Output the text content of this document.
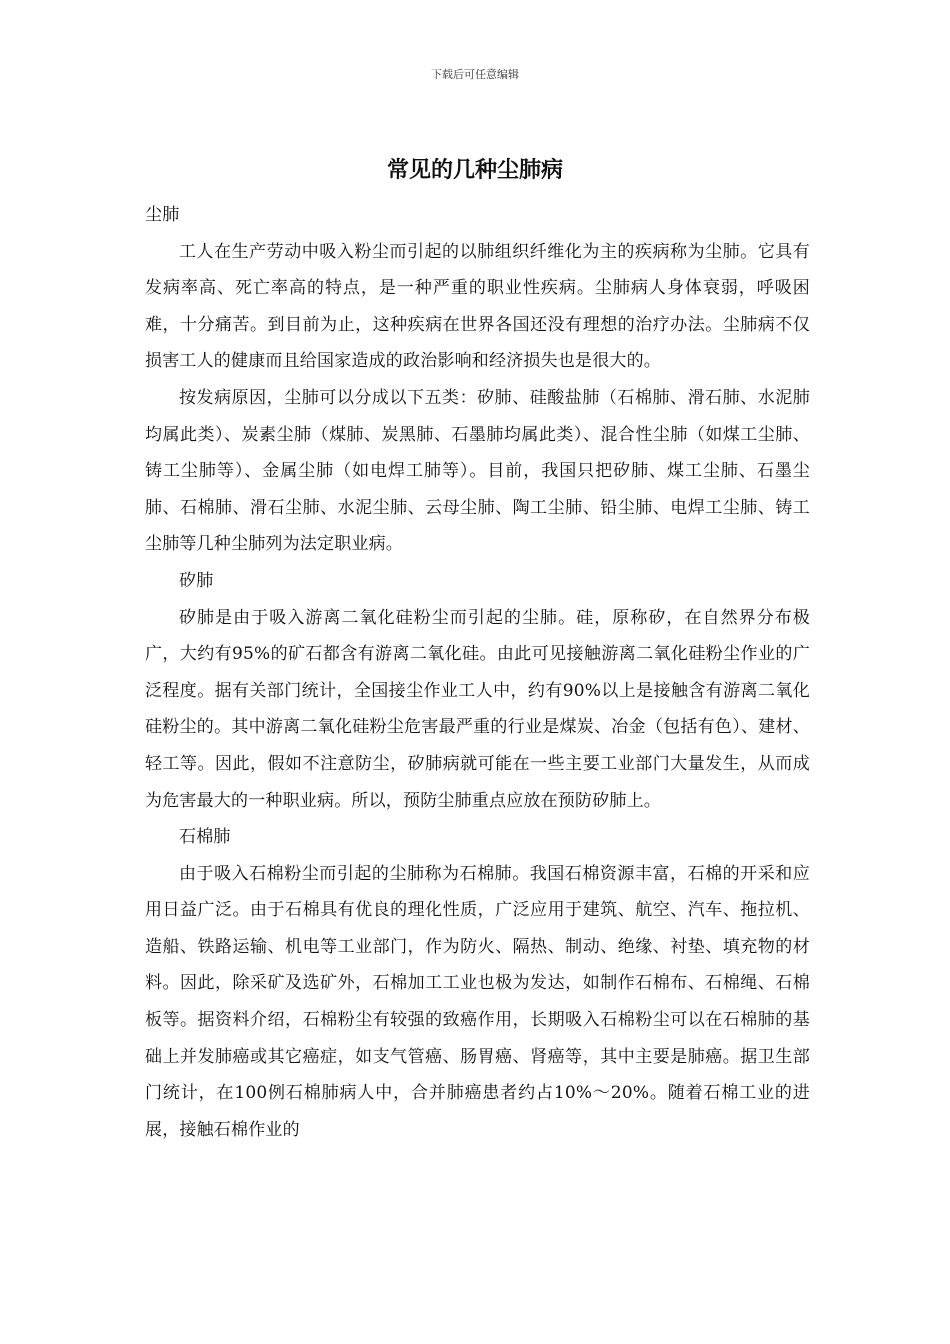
下载后可任意编辑
常见的几种尘肺病

尘肺

工人在生产劳动中吸入粉尘而引起的以肺组织纤维化为主的疾病称为尘肺。它具有发病率高、死亡率高的特点，是一种严重的职业性疾病。尘肺病人身体衰弱，呼吸困难，十分痛苦。到目前为止，这种疾病在世界各国还没有理想的治疗办法。尘肺病不仅损害工人的健康而且给国家造成的政治影响和经济损失也是很大的。

按发病原因，尘肺可以分成以下五类：矽肺、硅酸盐肺（石棉肺、滑石肺、水泥肺均属此类）、炭素尘肺（煤肺、炭黑肺、石墨肺均属此类）、混合性尘肺（如煤工尘肺、铸工尘肺等）、金属尘肺（如电焊工肺等）。目前，我国只把矽肺、煤工尘肺、石墨尘肺、石棉肺、滑石尘肺、水泥尘肺、云母尘肺、陶工尘肺、铅尘肺、电焊工尘肺、铸工尘肺等几种尘肺列为法定职业病。

矽肺

矽肺是由于吸入游离二氧化硅粉尘而引起的尘肺。硅，原称矽，在自然界分布极广，大约有95%的矿石都含有游离二氧化硅。由此可见接触游离二氧化硅粉尘作业的广泛程度。据有关部门统计，全国接尘作业工人中，约有90%以上是接触含有游离二氧化硅粉尘的。其中游离二氧化硅粉尘危害最严重的行业是煤炭、冶金（包括有色）、建材、轻工等。因此，假如不注意防尘，矽肺病就可能在一些主要工业部门大量发生，从而成为危害最大的一种职业病。所以，预防尘肺重点应放在预防矽肺上。

石棉肺

由于吸入石棉粉尘而引起的尘肺称为石棉肺。我国石棉资源丰富，石棉的开采和应用日益广泛。由于石棉具有优良的理化性质，广泛应用于建筑、航空、汽车、拖拉机、造船、铁路运输、机电等工业部门，作为防火、隔热、制动、绝缘、衬垫、填充物的材料。因此，除采矿及选矿外，石棉加工工业也极为发达，如制作石棉布、石棉绳、石棉板等。据资料介绍，石棉粉尘有较强的致癌作用，长期吸入石棉粉尘可以在石棉肺的基础上并发肺癌或其它癌症，如支气管癌、肠胃癌、肾癌等，其中主要是肺癌。据卫生部门统计，在100例石棉肺病人中，合并肺癌患者约占10%～20%。随着石棉工业的进展，接触石棉作业的
